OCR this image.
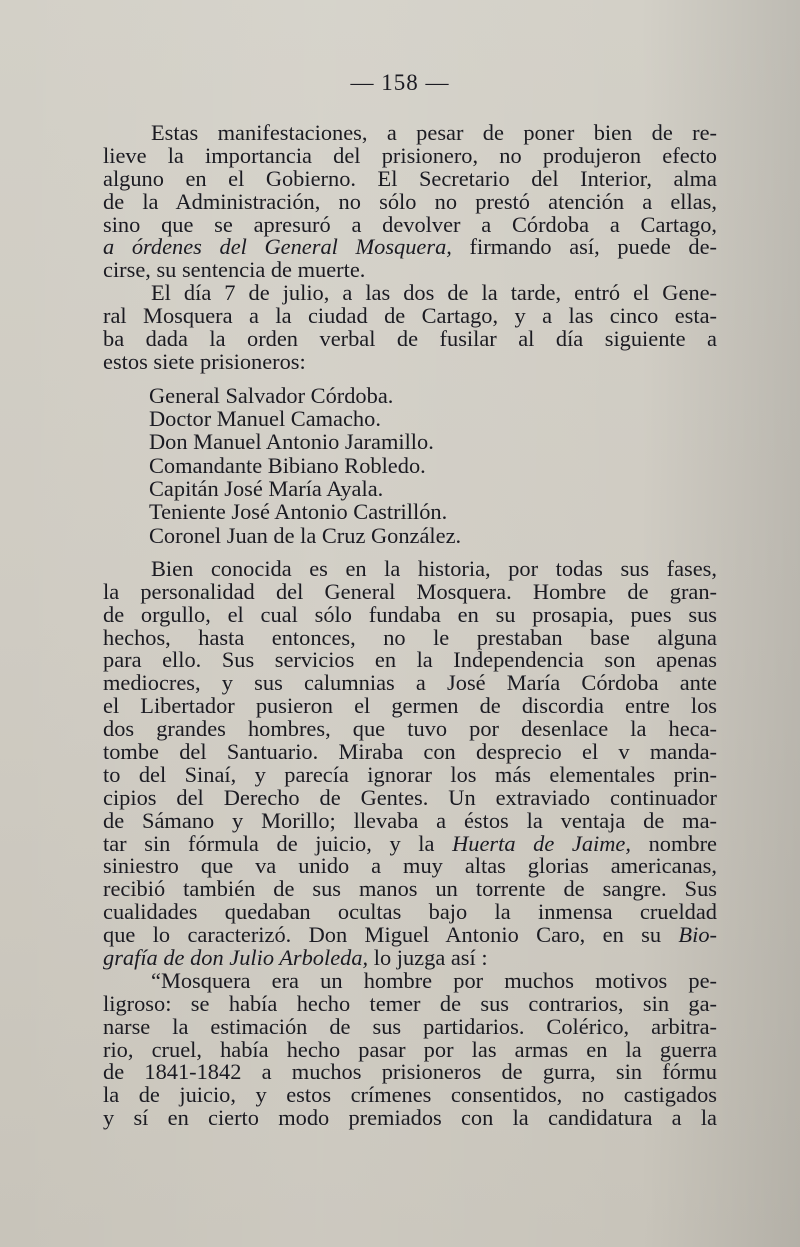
— 158 —
Estas manifestaciones, a pesar de poner bien de re-
lieve la importancia del prisionero, no produjeron efecto
alguno en el Gobierno. El Secretario del Interior, alma
de la Administración, no sólo no prestó atención a ellas,
sino que se apresuró a devolver a Córdoba a Cartago,
a órdenes del General Mosquera, firmando así, puede de-
cirse, su sentencia de muerte.
El día 7 de julio, a las dos de la tarde, entró el Gene-
ral Mosquera a la ciudad de Cartago, y a las cinco esta-
ba dada la orden verbal de fusilar al día siguiente a
estos siete prisioneros:
General Salvador Córdoba.
Doctor Manuel Camacho.
Don Manuel Antonio Jaramillo.
Comandante Bibiano Robledo.
Capitán José María Ayala.
Teniente José Antonio Castrillón.
Coronel Juan de la Cruz González.
Bien conocida es en la historia, por todas sus fases,
la personalidad del General Mosquera. Hombre de gran-
de orgullo, el cual sólo fundaba en su prosapia, pues sus
hechos, hasta entonces, no le prestaban base alguna
para ello. Sus servicios en la Independencia son apenas
mediocres, y sus calumnias a José María Córdoba ante
el Libertador pusieron el germen de discordia entre los
dos grandes hombres, que tuvo por desenlace la heca-
tombe del Santuario. Miraba con desprecio el v manda-
to del Sinaí, y parecía ignorar los más elementales prin-
cipios del Derecho de Gentes. Un extraviado continuador
de Sámano y Morillo; llevaba a éstos la ventaja de ma-
tar sin fórmula de juicio, y la Huerta de Jaime, nombre
siniestro que va unido a muy altas glorias americanas,
recibió también de sus manos un torrente de sangre. Sus
cualidades quedaban ocultas bajo la inmensa crueldad
que lo caracterizó. Don Miguel Antonio Caro, en su Bio-
grafía de don Julio Arboleda, lo juzga así :
“Mosquera era un hombre por muchos motivos pe-
ligroso: se había hecho temer de sus contrarios, sin ga-
narse la estimación de sus partidarios. Colérico, arbitra-
rio, cruel, había hecho pasar por las armas en la guerra
de 1841-1842 a muchos prisioneros de gurra, sin fórmu
la de juicio, y estos crímenes consentidos, no castigados
y sí en cierto modo premiados con la candidatura a la
